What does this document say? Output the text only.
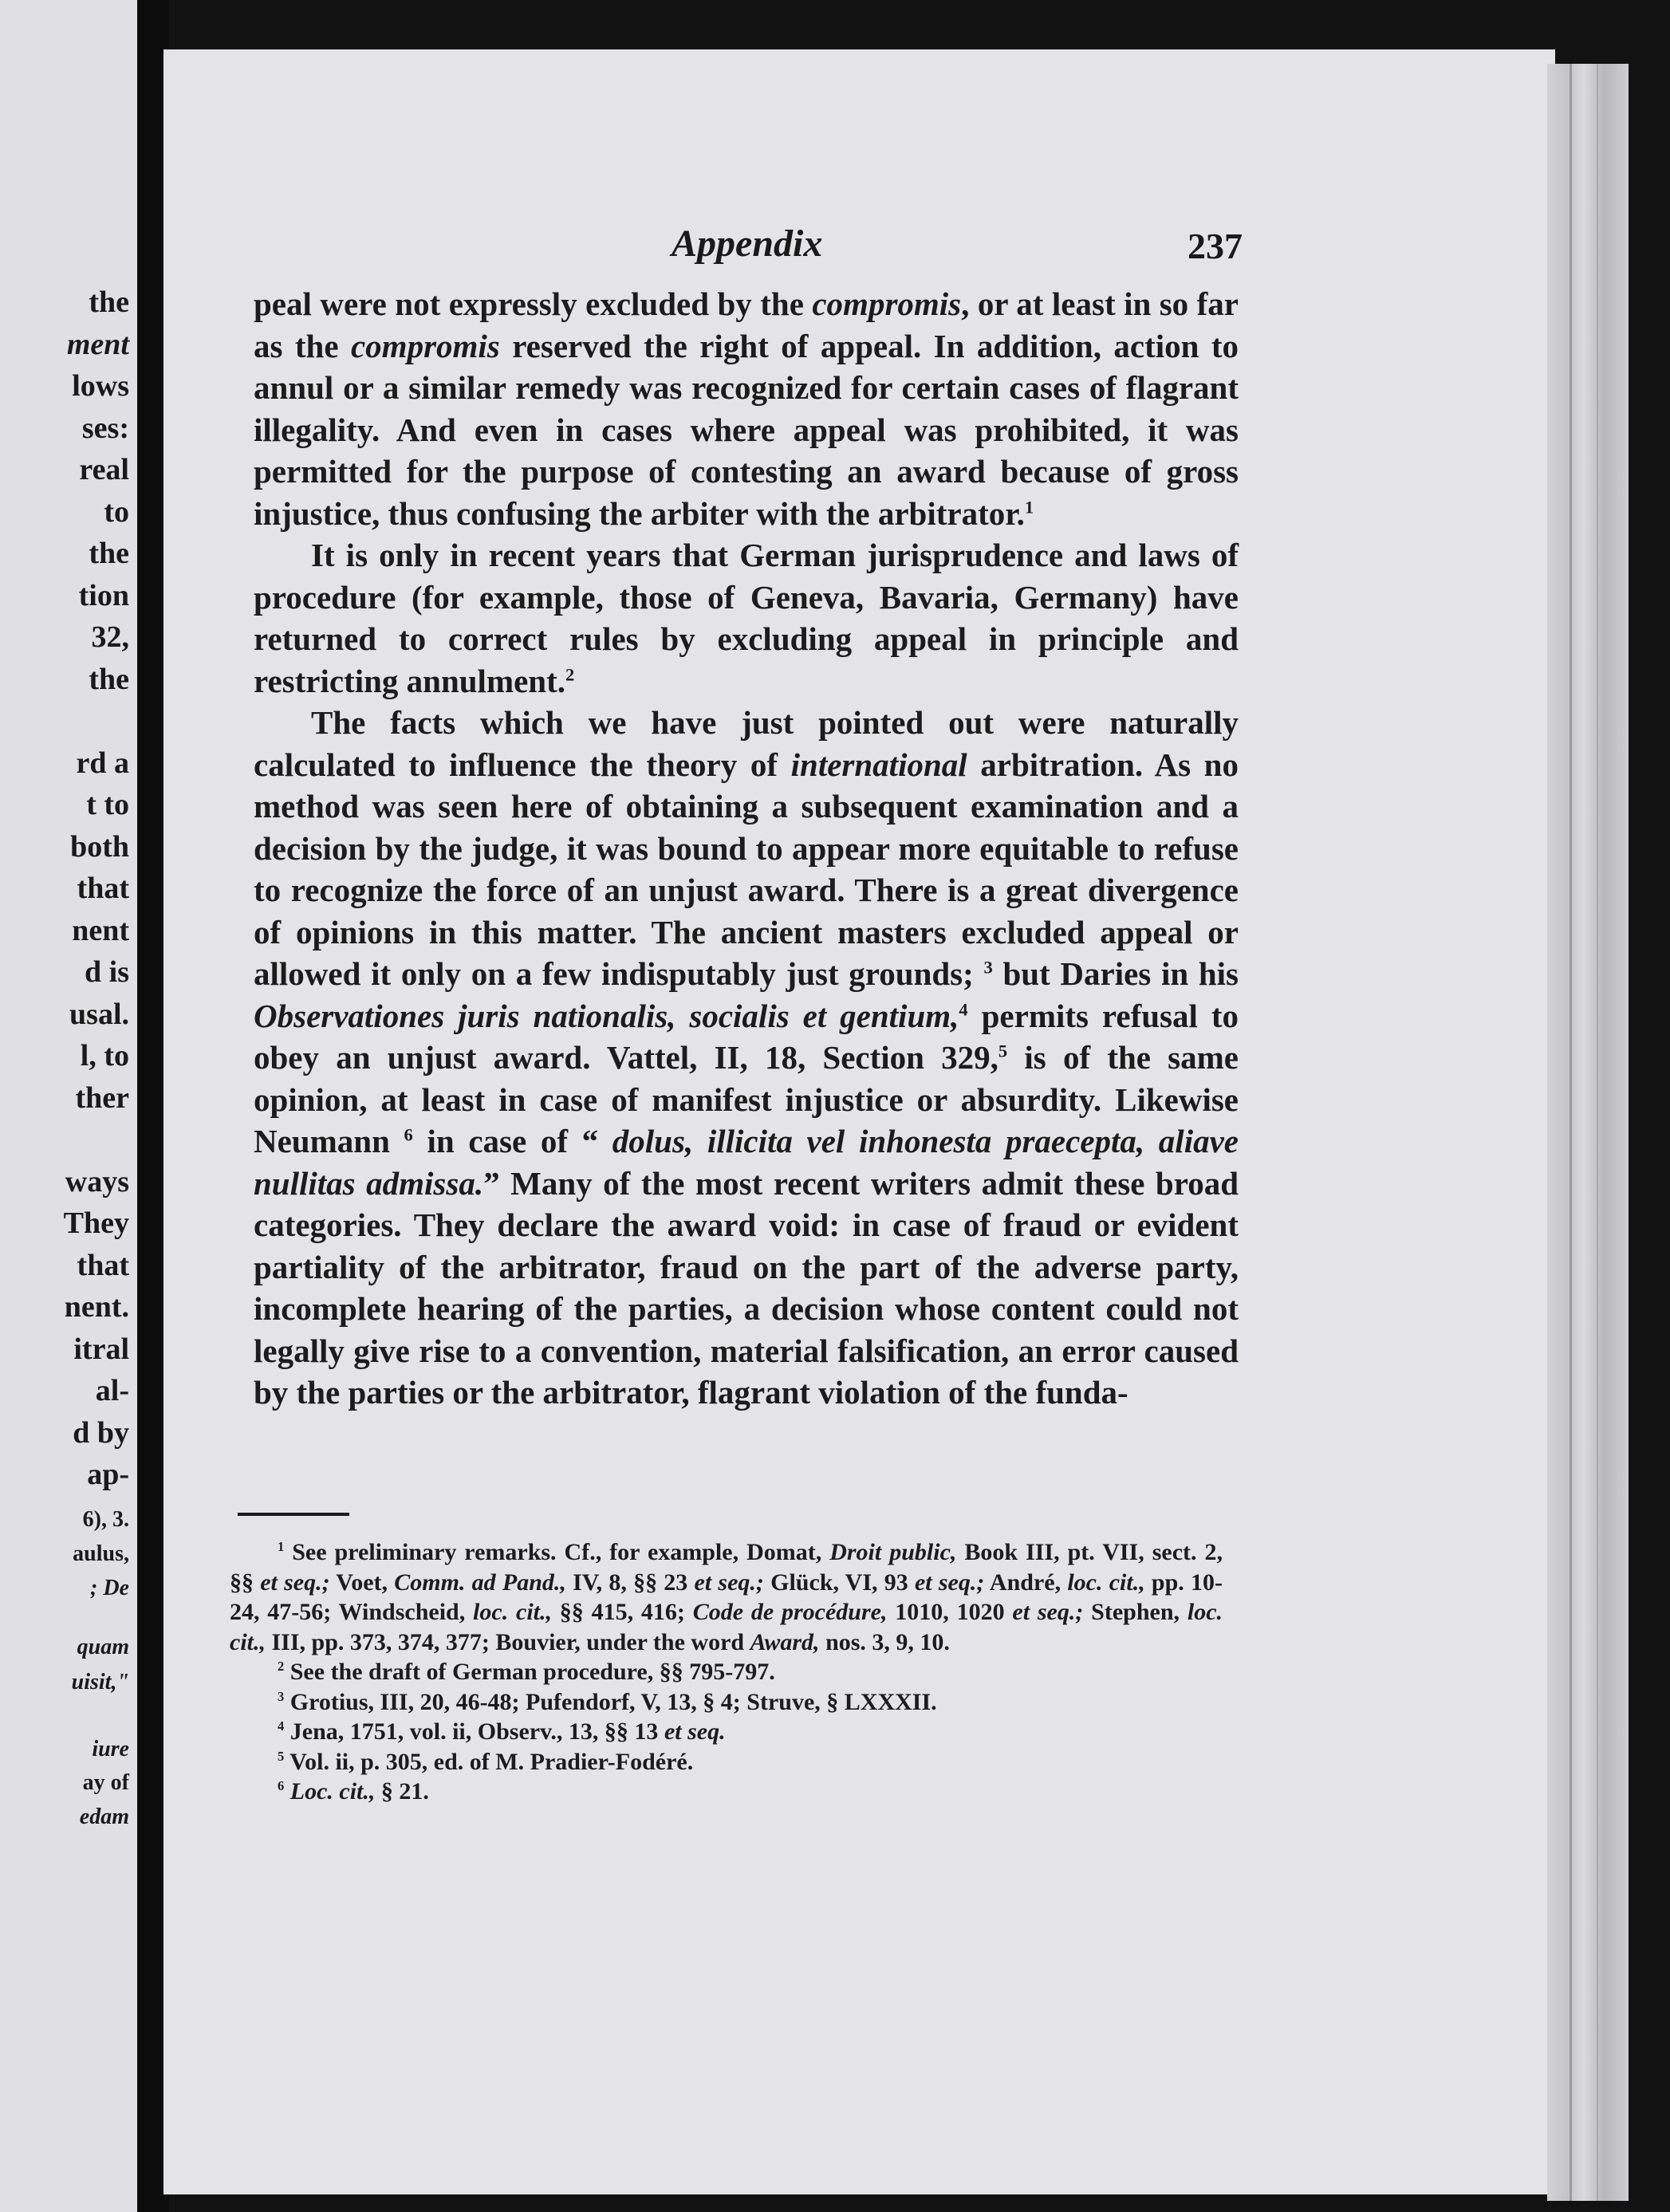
the
ment
lows
ses:
real
to
the
tion
32,
the
rd a
t to
both
that
nent
d is
usal.
l, to
ther
ways
They
that
nent.
itral
al-
d by
ap-
6), 3.
aulus,
; De
quam
uisit,"
iure
ay of
edam
Appendix	237

peal were not expressly excluded by the compromis, or at least in so far as the compromis reserved the right of appeal. In addition, action to annul or a similar remedy was recognized for certain cases of flagrant illegality. And even in cases where appeal was prohibited, it was permitted for the purpose of contesting an award because of gross injustice, thus confusing the arbiter with the arbitrator.$^1$

It is only in recent years that German jurisprudence and laws of procedure (for example, those of Geneva, Bavaria, Germany) have returned to correct rules by excluding appeal in principle and restricting annulment.$^2$

The facts which we have just pointed out were naturally calculated to influence the theory of international arbitration. As no method was seen here of obtaining a subsequent examination and a decision by the judge, it was bound to appear more equitable to refuse to recognize the force of an unjust award. There is a great divergence of opinions in this matter. The ancient masters excluded appeal or allowed it only on a few indisputably just grounds; $^3$ but Daries in his Observationes juris nationalis, socialis et gentium,$^4$ permits refusal to obey an unjust award. Vattel, II, 18, Section 329,$^5$ is of the same opinion, at least in case of manifest injustice or absurdity. Likewise Neumann $^6$ in case of “ dolus, illicita vel inhonesta praecepta, aliave nullitas admissa.” Many of the most recent writers admit these broad categories. They declare the award void: in case of fraud or evident partiality of the arbitrator, fraud on the part of the adverse party, incomplete hearing of the parties, a decision whose content could not legally give rise to a convention, material falsification, an error caused by the parties or the arbitrator, flagrant violation of the funda-

$^1$ See preliminary remarks. Cf., for example, Domat, Droit public, Book III, pt. VII, sect. 2, §§ et seq.; Voet, Comm. ad Pand., IV, 8, §§ 23 et seq.; Glück, VI, 93 et seq.; André, loc. cit., pp. 10-24, 47-56; Windscheid, loc. cit., §§ 415, 416; Code de procédure, 1010, 1020 et seq.; Stephen, loc. cit., III, pp. 373, 374, 377; Bouvier, under the word Award, nos. 3, 9, 10.
$^2$ See the draft of German procedure, §§ 795-797.
$^3$ Grotius, III, 20, 46-48; Pufendorf, V, 13, § 4; Struve, § LXXXII.
$^4$ Jena, 1751, vol. ii, Observ., 13, §§ 13 et seq.
$^5$ Vol. ii, p. 305, ed. of M. Pradier-Fodéré.
$^6$ Loc. cit., § 21.
